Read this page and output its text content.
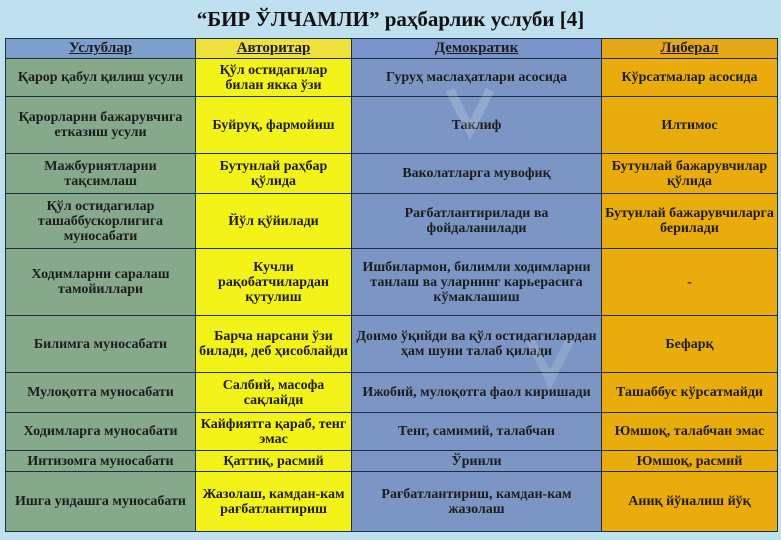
“БИР ЎЛЧАМЛИ” раҳбарлик услуби [4]
Услублар	Авторитар	Демократик	Либерал
Қарор қабул қилиш усули	Қўл остидагилар билан якка ўзи	Гуруҳ маслаҳатлари асосида	Кўрсатмалар асосида
Қарорларни бажарувчига етказиш усули	Буйруқ, фармойиш	Таклиф	Илтимос
Мажбуриятларни тақсимлаш	Бутунлай раҳбар қўлида	Ваколатларга мувофиқ	Бутунлай бажарувчилар қўлида
Қўл остидагилар ташаббускорлигига муносабати	Йўл қўйилади	Рағбатлантирилади ва фойдаланилади	Бутунлай бажарувчиларга берилади
Ходимларни саралаш тамойиллари	Кучли рақобатчилардан қутулиш	Ишбилармон, билимли ходимларни танлаш ва уларнинг карьерасига кўмаклашиш	-
Билимга муносабати	Барча нарсани ўзи билади, деб ҳисоблайди	Доимо ўқийди ва қўл остидагилардан ҳам шуни талаб қилади	Бефарқ
Мулоқотга муносабати	Салбий, масофа сақлайди	Ижобий, мулоқотга фаол киришади	Ташаббус кўрсатмайди
Ходимларга муносабати	Кайфиятга қараб, тенг эмас	Тенг, самимий, талабчан	Юмшоқ, талабчан эмас
Интизомга муносабати	Қаттиқ, расмий	Ўринли	Юмшоқ, расмий
Ишга ундашга муносабати	Жазолаш, камдан-кам рағбатлантириш	Рағбатлантириш, камдан-кам жазолаш	Аниқ йўналиш йўқ
